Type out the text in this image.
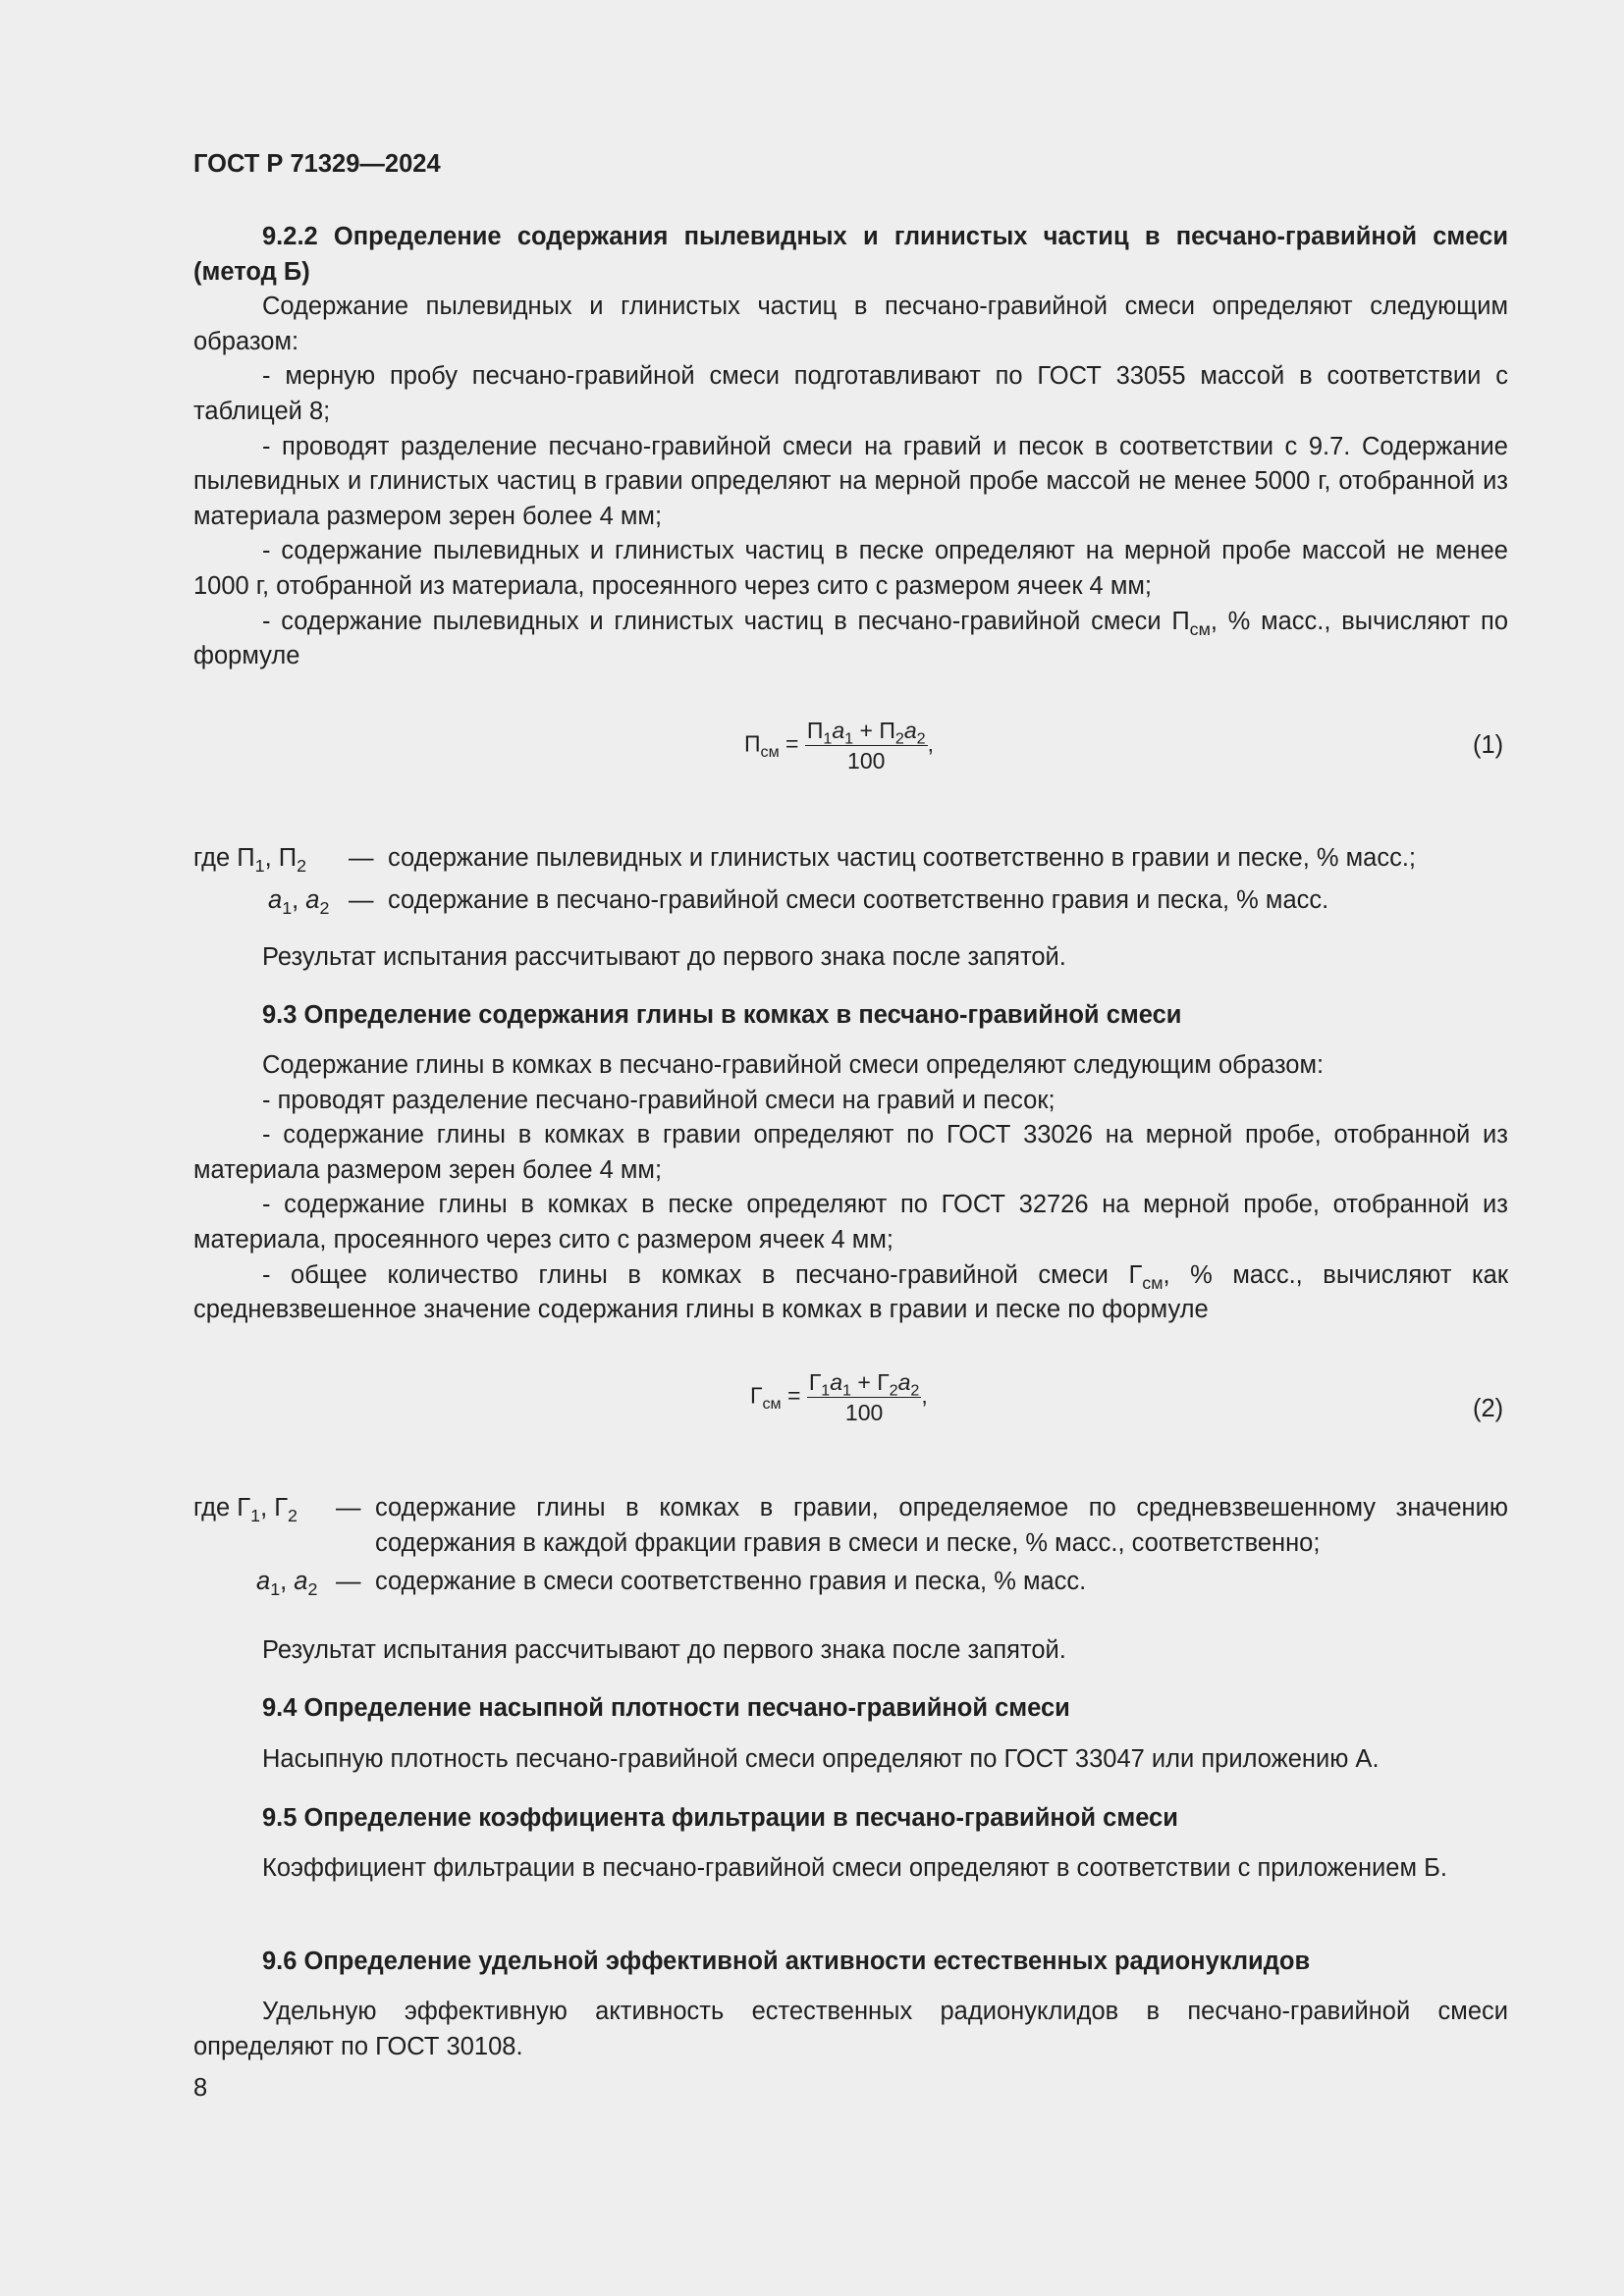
ГОСТ Р 71329—2024

9.2.2 Определение содержания пылевидных и глинистых частиц в песчано-гравийной смеси (метод Б)

Содержание пылевидных и глинистых частиц в песчано-гравийной смеси определяют следующим образом:

- мерную пробу песчано-гравийной смеси подготавливают по ГОСТ 33055 массой в соответствии с таблицей 8;

- проводят разделение песчано-гравийной смеси на гравий и песок в соответствии с 9.7. Содержание пылевидных и глинистых частиц в гравии определяют на мерной пробе массой не менее 5000 г, отобранной из материала размером зерен более 4 мм;

- содержание пылевидных и глинистых частиц в песке определяют на мерной пробе массой не менее 1000 г, отобранной из материала, просеянного через сито с размером ячеек 4 мм;

- содержание пылевидных и глинистых частиц в песчано-гравийной смеси $П_{см}$, % масс., вычисляют по формуле

$П_{см} = \frac{П_1a_1 + П_2a_2}{100}$ ,	(1)
где $П_1$, $П_2$ — содержание пылевидных и глинистых частиц соответственно в гравии и песке, % масс.;
$a_1$, $a_2$ — содержание в песчано-гравийной смеси соответственно гравия и песка, % масс.
Результат испытания рассчитывают до первого знака после запятой.
9.3 Определение содержания глины в комках в песчано-гравийной смеси

Содержание глины в комках в песчано-гравийной смеси определяют следующим образом:

- проводят разделение песчано-гравийной смеси на гравий и песок;

- содержание глины в комках в гравии определяют по ГОСТ 33026 на мерной пробе, отобранной из материала размером зерен более 4 мм;

- содержание глины в комках в песке определяют по ГОСТ 32726 на мерной пробе, отобранной из материала, просеянного через сито с размером ячеек 4 мм;

- общее количество глины в комках в песчано-гравийной смеси $Г_{см}$, % масс., вычисляют как средневзвешенное значение содержания глины в комках в гравии и песке по формуле

$Г_{см} = \frac{Г_1a_1 + Г_2a_2}{100}$ ,	(2)
где $Г_1$, $Г_2$ — содержание глины в комках в гравии, определяемое по средневзвешенному значению содержания в каждой фракции гравия в смеси и песке, % масс., соответственно;
$a_1$, $a_2$ — содержание в смеси соответственно гравия и песка, % масс.
Результат испытания рассчитывают до первого знака после запятой.
9.4 Определение насыпной плотности песчано-гравийной смеси
Насыпную плотность песчано-гравийной смеси определяют по ГОСТ 33047 или приложению А.
9.5 Определение коэффициента фильтрации в песчано-гравийной смеси
Коэффициент фильтрации в песчано-гравийной смеси определяют в соответствии с приложением Б.
9.6 Определение удельной эффективной активности естественных радионуклидов
Удельную эффективную активность естественных радионуклидов в песчано-гравийной смеси определяют по ГОСТ 30108.
8
